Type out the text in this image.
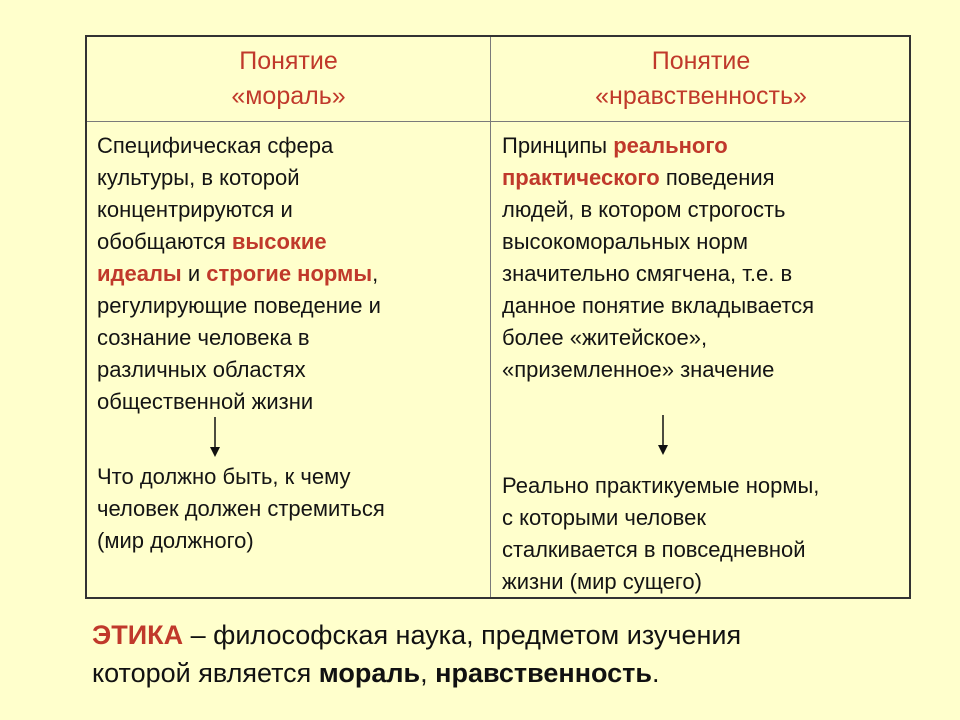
Понятие
«мораль»
Понятие
«нравственность»
Специфическая сфера
культуры, в которой
концентрируются и
обобщаются высокие
идеалы и строгие нормы,
регулирующие поведение и
сознание человека в
различных областях
общественной жизни
Что должно быть, к чему
человек должен стремиться
(мир должного)
Принципы реального
практического поведения
людей, в котором строгость
высокоморальных норм
значительно смягчена, т.е. в
данное понятие вкладывается
более «житейское»,
«приземленное» значение
Реально практикуемые нормы,
с которыми человек
сталкивается в повседневной
жизни (мир сущего)
ЭТИКА – философская наука, предметом изучения
которой является мораль, нравственность.
